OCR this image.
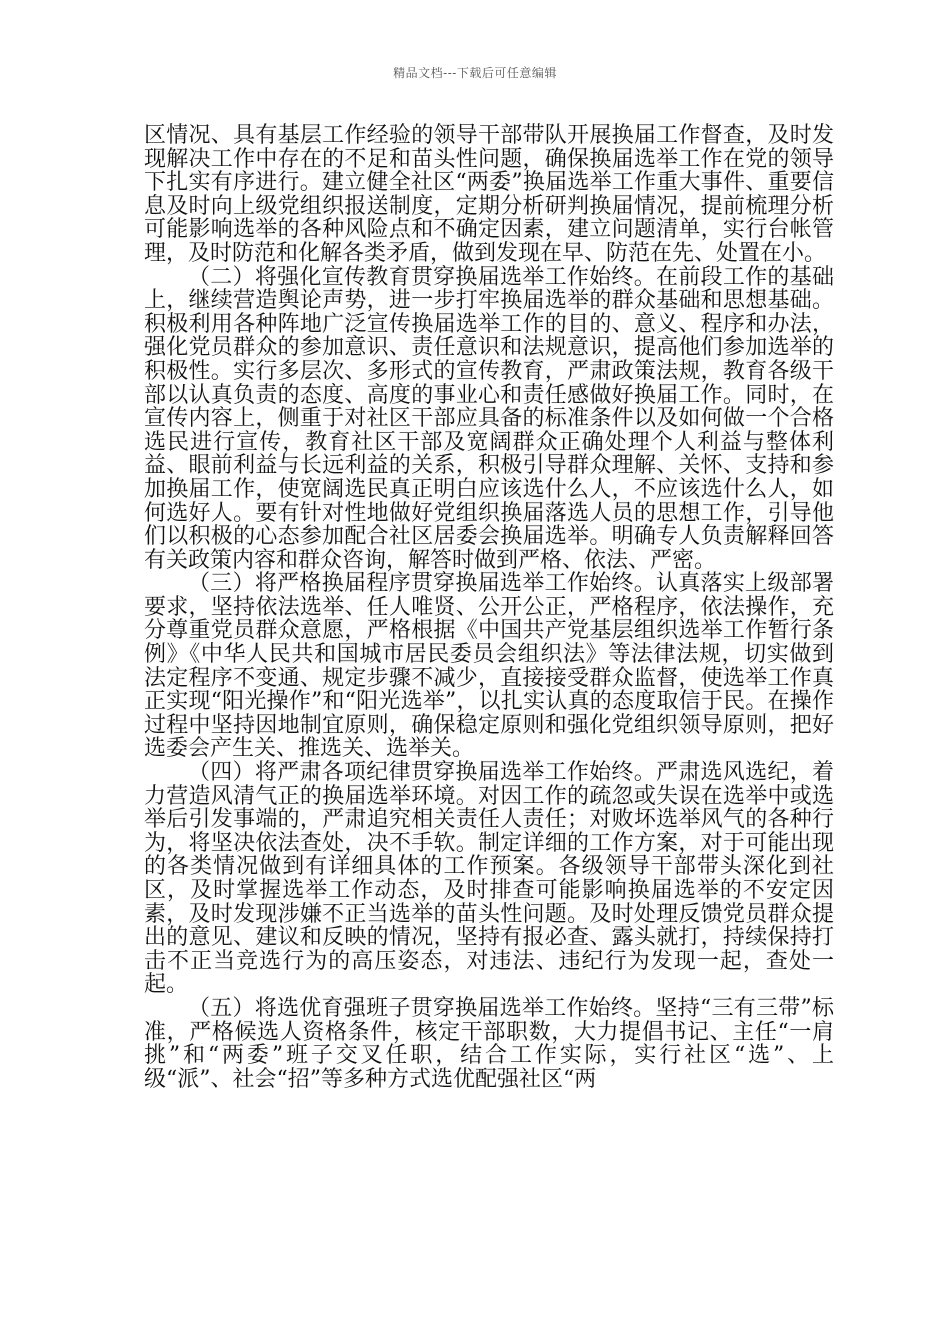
精品文档---下载后可任意编辑

区情况、具有基层工作经验的领导干部带队开展换届工作督查，及时发现解决工作中存在的不足和苗头性问题，确保换届选举工作在党的领导下扎实有序进行。建立健全社区“两委”换届选举工作重大事件、重要信息及时向上级党组织报送制度，定期分析研判换届情况，提前梳理分析可能影响选举的各种风险点和不确定因素，建立问题清单，实行台帐管理，及时防范和化解各类矛盾，做到发现在早、防范在先、处置在小。

（二）将强化宣传教育贯穿换届选举工作始终。在前段工作的基础上，继续营造舆论声势，进一步打牢换届选举的群众基础和思想基础。积极利用各种阵地广泛宣传换届选举工作的目的、意义、程序和办法，强化党员群众的参加意识、责任意识和法规意识，提高他们参加选举的积极性。实行多层次、多形式的宣传教育，严肃政策法规，教育各级干部以认真负责的态度、高度的事业心和责任感做好换届工作。同时，在宣传内容上，侧重于对社区干部应具备的标准条件以及如何做一个合格选民进行宣传，教育社区干部及宽阔群众正确处理个人利益与整体利益、眼前利益与长远利益的关系，积极引导群众理解、关怀、支持和参加换届工作，使宽阔选民真正明白应该选什么人，不应该选什么人，如何选好人。要有针对性地做好党组织换届落选人员的思想工作，引导他们以积极的心态参加配合社区居委会换届选举。明确专人负责解释回答有关政策内容和群众咨询，解答时做到严格、依法、严密。

（三）将严格换届程序贯穿换届选举工作始终。认真落实上级部署要求，坚持依法选举、任人唯贤、公开公正，严格程序，依法操作，充分尊重党员群众意愿，严格根据《中国共产党基层组织选举工作暂行条例》《中华人民共和国城市居民委员会组织法》等法律法规，切实做到法定程序不变通、规定步骤不减少，直接接受群众监督，使选举工作真正实现“阳光操作”和“阳光选举”，以扎实认真的态度取信于民。在操作过程中坚持因地制宜原则，确保稳定原则和强化党组织领导原则，把好选委会产生关、推选关、选举关。

（四）将严肃各项纪律贯穿换届选举工作始终。严肃选风选纪，着力营造风清气正的换届选举环境。对因工作的疏忽或失误在选举中或选举后引发事端的，严肃追究相关责任人责任；对败坏选举风气的各种行为，将坚决依法查处，决不手软。制定详细的工作方案，对于可能出现的各类情况做到有详细具体的工作预案。各级领导干部带头深化到社区，及时掌握选举工作动态，及时排查可能影响换届选举的不安定因素，及时发现涉嫌不正当选举的苗头性问题。及时处理反馈党员群众提出的意见、建议和反映的情况，坚持有报必查、露头就打，持续保持打击不正当竞选行为的高压姿态，对违法、违纪行为发现一起，查处一起。

（五）将选优育强班子贯穿换届选举工作始终。坚持“三有三带”标准，严格候选人资格条件，核定干部职数，大力提倡书记、主任“一肩挑”和“两委”班子交叉任职，结合工作实际，实行社区“选”、上级“派”、社会“招”等多种方式选优配强社区“两
